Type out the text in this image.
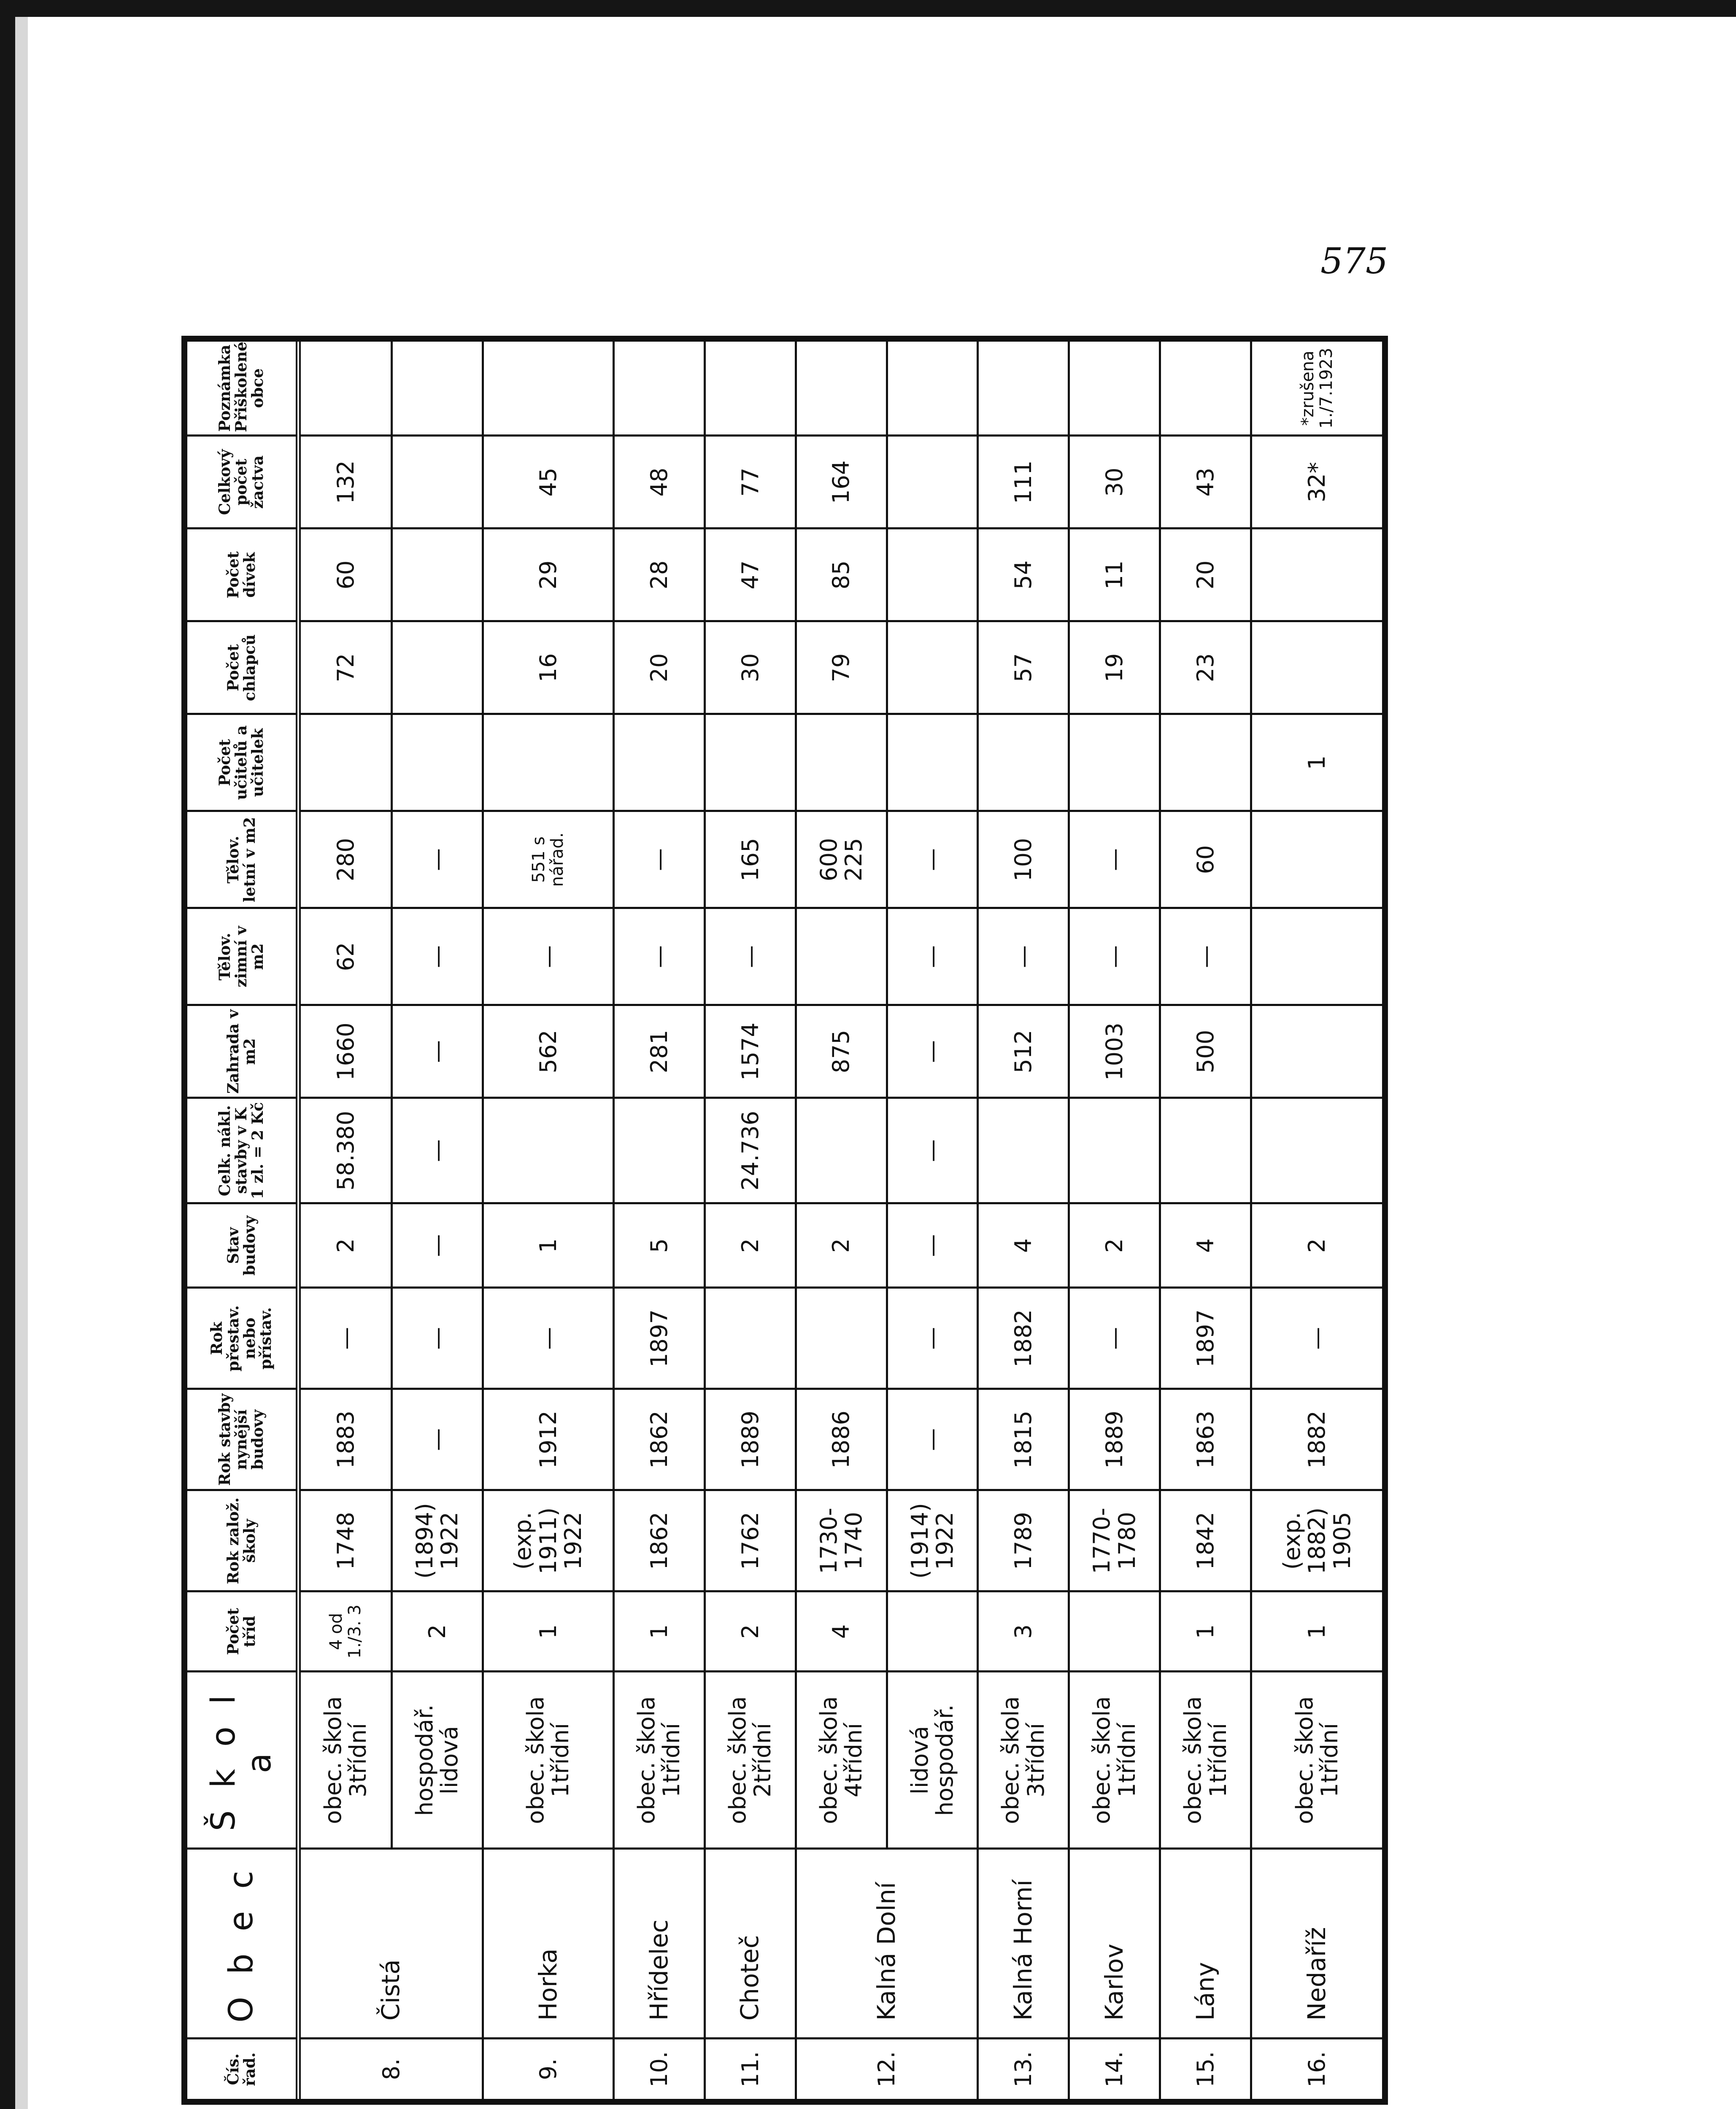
575
Čís. řad.	O b e c	Š k o l a	Počet tříd	Rok založ. školy	Rok stavby nynější budovy	Rok přestav. nebo přístav.	Stav budovy	Celk. nákl. stavby v K 1 zl. = 2 Kč	Zahrada v m2	Tělov. zimní v m2	Tělov. letní v m2	Počet učitelů a učitelek	Počet chlapců	Počet dívek	Celkový počet žactva	Poznámka Přiškolené obce
8.	Čistá	obec. škola 3třídní	4 od 1./3. 3	1748	1883	—	2	58.380	1660	62	280		72	60	132	
		hospodář. lidová	2	(1894) 1922	—	—	—	—	—	—	—					
9.	Horka	obec. škola 1třídní	1	(exp. 1911) 1922	1912	—	1		562	—	551 s nářad.		16	29	45	
10.	Hřídelec	obec. škola 1třídní	1	1862	1862	1897	5		281	—	—		20	28	48	
11.	Choteč	obec. škola 2třídní	2	1762	1889		2	24.736	1574	—	165		30	47	77	
12.	Kalná Dolní	obec. škola 4třídní	4	1730- 1740	1886		2		875		600 225		79	85	164	
		lidová hospodář.		(1914) 1922	—	—	—	—	—	—	—					
13.	Kalná Horní	obec. škola 3třídní	3	1789	1815	1882	4		512	—	100		57	54	111	
14.	Karlov	obec. škola 1třídní		1770- 1780	1889	—	2		1003	—	—		19	11	30	
15.	Lány	obec. škola 1třídní	1	1842	1863	1897	4		500	—	60		23	20	43	
16.	Nedaříž	obec. škola 1třídní	1	(exp. 1882) 1905	1882	—	2					1			32*	*zrušena 1./7.1923
